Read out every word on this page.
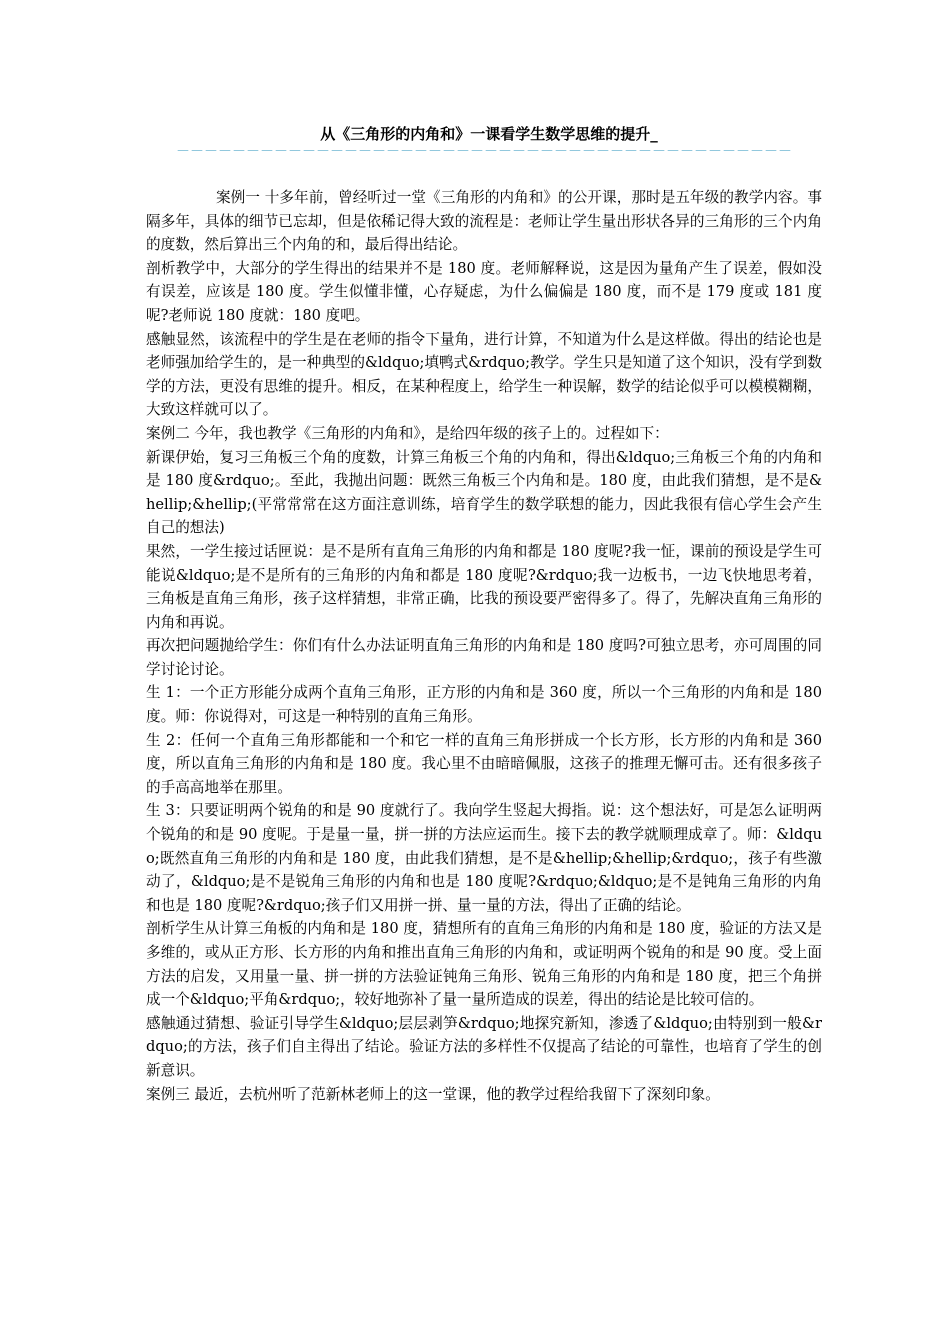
从《三角形的内角和》一课看学生数学思维的提升_
－－－－－－－－－－－－－－－－－－－－－－－－－－－－－－－－－－－－－－－－－－－－

案例一 十多年前，曾经听过一堂《三角形的内角和》的公开课，那时是五年级的教学内容。事隔多年，具体的细节已忘却，但是依稀记得大致的流程是：老师让学生量出形状各异的三角形的三个内角的度数，然后算出三个内角的和，最后得出结论。

剖析教学中，大部分的学生得出的结果并不是 180 度。老师解释说，这是因为量角产生了误差，假如没有误差，应该是 180 度。学生似懂非懂，心存疑虑，为什么偏偏是 180 度，而不是 179 度或 181 度呢?老师说 180 度就：180 度吧。

感触显然，该流程中的学生是在老师的指令下量角，进行计算，不知道为什么是这样做。得出的结论也是老师强加给学生的，是一种典型的&ldquo;填鸭式&rdquo;教学。学生只是知道了这个知识，没有学到数学的方法，更没有思维的提升。相反，在某种程度上，给学生一种误解，数学的结论似乎可以模模糊糊，大致这样就可以了。

案例二 今年，我也教学《三角形的内角和》，是给四年级的孩子上的。过程如下：

新课伊始，复习三角板三个角的度数，计算三角板三个角的内角和，得出&ldquo;三角板三个角的内角和是 180 度&rdquo;。至此，我抛出问题：既然三角板三个内角和是。180 度，由此我们猜想，是不是&hellip;&hellip;(平常常常在这方面注意训练，培育学生的数学联想的能力，因此我很有信心学生会产生自己的想法)

果然，一学生接过话匣说：是不是所有直角三角形的内角和都是 180 度呢?我一怔，课前的预设是学生可能说&ldquo;是不是所有的三角形的内角和都是 180 度呢?&rdquo;我一边板书，一边飞快地思考着，三角板是直角三角形，孩子这样猜想，非常正确，比我的预设要严密得多了。得了，先解决直角三角形的内角和再说。

再次把问题抛给学生：你们有什么办法证明直角三角形的内角和是 180 度吗?可独立思考，亦可周围的同学讨论讨论。

生 1：一个正方形能分成两个直角三角形，正方形的内角和是 360 度，所以一个三角形的内角和是 180 度。师：你说得对，可这是一种特别的直角三角形。

生 2：任何一个直角三角形都能和一个和它一样的直角三角形拼成一个长方形，长方形的内角和是 360 度，所以直角三角形的内角和是 180 度。我心里不由暗暗佩服，这孩子的推理无懈可击。还有很多孩子的手高高地举在那里。

生 3：只要证明两个锐角的和是 90 度就行了。我向学生竖起大拇指。说：这个想法好，可是怎么证明两个锐角的和是 90 度呢。于是量一量，拼一拼的方法应运而生。接下去的教学就顺理成章了。师：&ldquo;既然直角三角形的内角和是 180 度，由此我们猜想，是不是&hellip;&hellip;&rdquo;，孩子有些激动了，&ldquo;是不是锐角三角形的内角和也是 180 度呢?&rdquo;&ldquo;是不是钝角三角形的内角和也是 180 度呢?&rdquo;孩子们又用拼一拼、量一量的方法，得出了正确的结论。

剖析学生从计算三角板的内角和是 180 度，猜想所有的直角三角形的内角和是 180 度，验证的方法又是多维的，或从正方形、长方形的内角和推出直角三角形的内角和，或证明两个锐角的和是 90 度。受上面方法的启发，又用量一量、拼一拼的方法验证钝角三角形、锐角三角形的内角和是 180 度，把三个角拼成一个&ldquo;平角&rdquo;，较好地弥补了量一量所造成的误差，得出的结论是比较可信的。

感触通过猜想、验证引导学生&ldquo;层层剥笋&rdquo;地探究新知，渗透了&ldquo;由特别到一般&rdquo;的方法，孩子们自主得出了结论。验证方法的多样性不仅提高了结论的可靠性，也培育了学生的创新意识。

案例三 最近，去杭州听了范新林老师上的这一堂课，他的教学过程给我留下了深刻印象。
